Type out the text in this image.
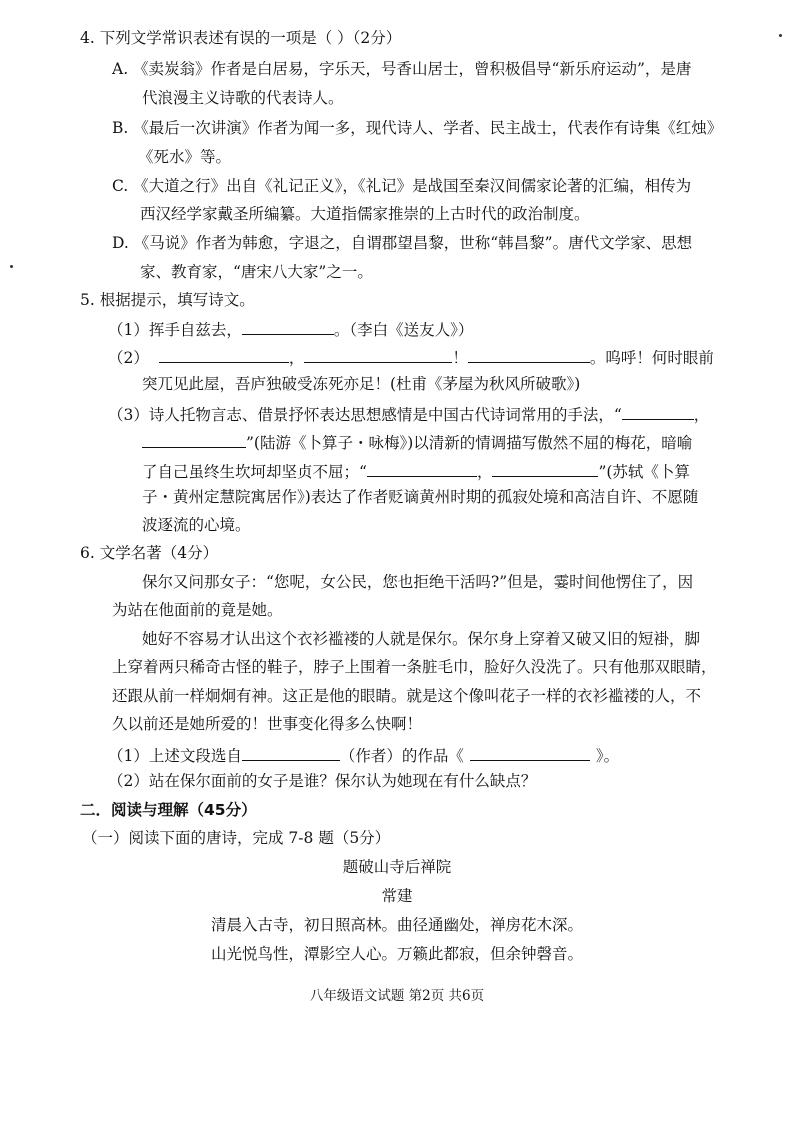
4. 下列文学常识表述有误的一项是（ ）（2分）
A. 《卖炭翁》作者是白居易，字乐天，号香山居士，曾积极倡导“新乐府运动”，是唐
代浪漫主义诗歌的代表诗人。
B. 《最后一次讲演》作者为闻一多，现代诗人、学者、民主战士，代表作有诗集《红烛》
《死水》等。
C. 《大道之行》出自《礼记正义》，《礼记》是战国至秦汉间儒家论著的汇编，相传为
西汉经学家戴圣所编纂。大道指儒家推崇的上古时代的政治制度。
D. 《马说》作者为韩愈，字退之，自谓郡望昌黎，世称“韩昌黎”。唐代文学家、思想
家、教育家，“唐宋八大家”之一。
5. 根据提示，填写诗文。
（1）挥手自兹去，	。（李白《送友人》）
（2）	，	！	。呜呼！何时眼前
突兀见此屋，吾庐独破受冻死亦足！(杜甫《茅屋为秋风所破歌》)
（3）诗人托物言志、借景抒怀表达思想感情是中国古代诗词常用的手法，“	，
”(陆游《卜算子・咏梅》)以清新的情调描写傲然不屈的梅花，暗喻
了自己虽终生坎坷却坚贞不屈；“	，	”(苏轼《卜算
子・黄州定慧院寓居作》)表达了作者贬谪黄州时期的孤寂处境和高洁自许、不愿随
波逐流的心境。
6. 文学名著（4分）
保尔又问那女子：“您呢，女公民，您也拒绝干活吗?”但是，霎时间他愣住了，因
为站在他面前的竟是她。
她好不容易才认出这个衣衫褴褛的人就是保尔。保尔身上穿着又破又旧的短褂，脚
上穿着两只稀奇古怪的鞋子，脖子上围着一条脏毛巾，脸好久没洗了。只有他那双眼睛，
还跟从前一样炯炯有神。这正是他的眼睛。就是这个像叫花子一样的衣衫褴褛的人，不
久以前还是她所爱的！世事变化得多么快啊！
（1）上述文段选自	（作者）的作品《	》。
（2）站在保尔面前的女子是谁？保尔认为她现在有什么缺点？
二．阅读与理解（45分）
（一）阅读下面的唐诗，完成 7-8 题（5分）
题破山寺后禅院
常建
清晨入古寺，初日照高林。曲径通幽处，禅房花木深。
山光悦鸟性，潭影空人心。万籁此都寂，但余钟磬音。
八年级语文试题 第2页 共6页
